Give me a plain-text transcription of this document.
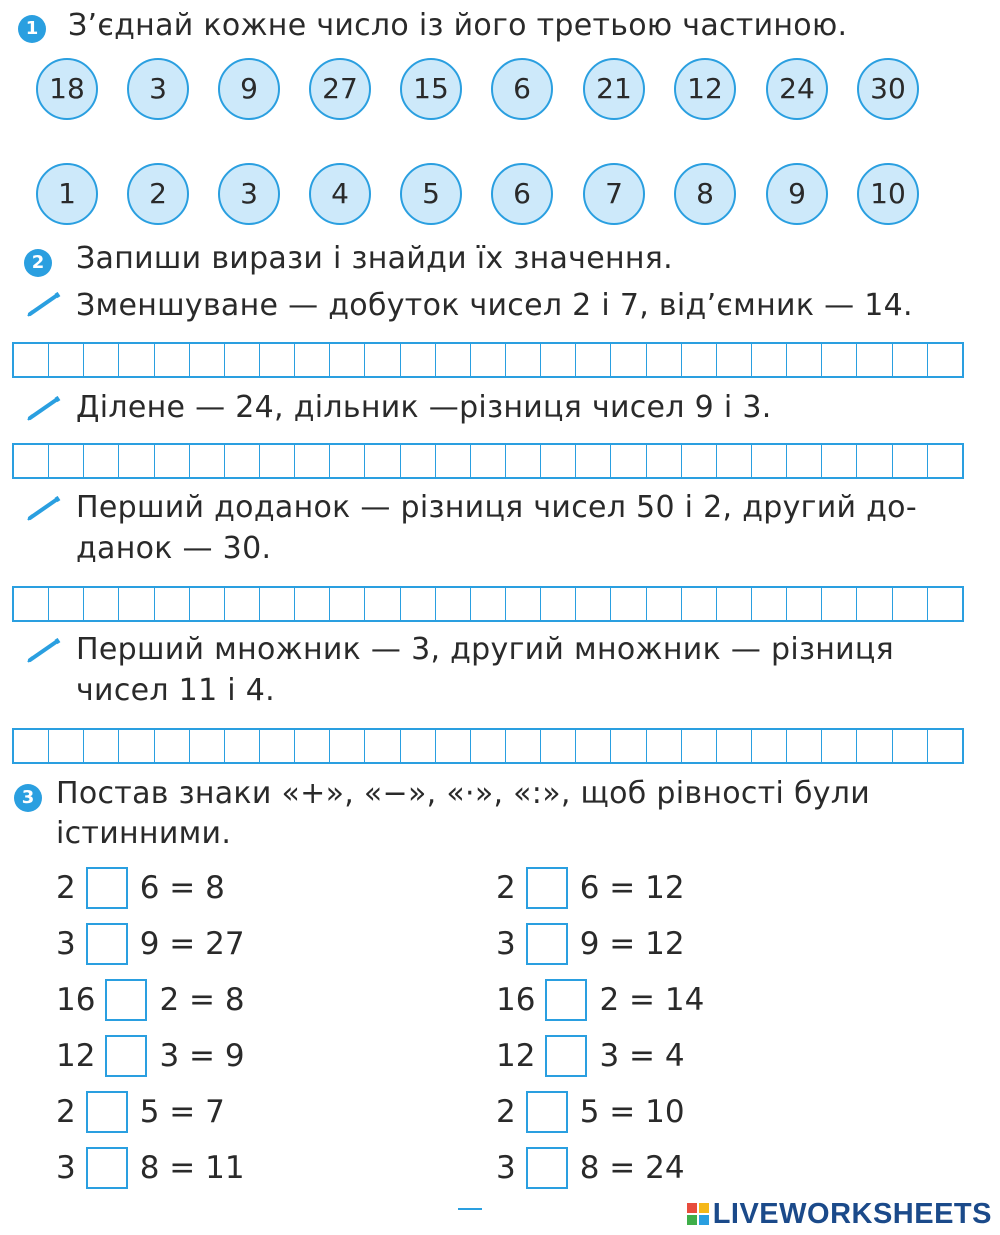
1 З’єднай кожне число із його третьою частиною.
18	3	9	27	15	6	21	12	24	30
1	2	3	4	5	6	7	8	9	10
2 Запиши вирази і знайди їх значення.
Зменшуване — добуток чисел 2 і 7, від’ємник — 14.
Ділене — 24, дільник —різниця чисел 9 і 3.
Перший доданок — різниця чисел 50 і 2, другий до-
данок — 30.
Перший множник — 3, другий множник — різниця
чисел 11 і 4.
3 Постав знаки «+», «−», «·», «:», щоб рівності були
істинними.
2 6 = 8
3 9 = 27
16 2 = 8
12 3 = 9
2 5 = 7
3 8 = 11
2 6 = 12
3 9 = 12
16 2 = 14
12 3 = 4
2 5 = 10
3 8 = 24
LIVEWORKSHEETS
